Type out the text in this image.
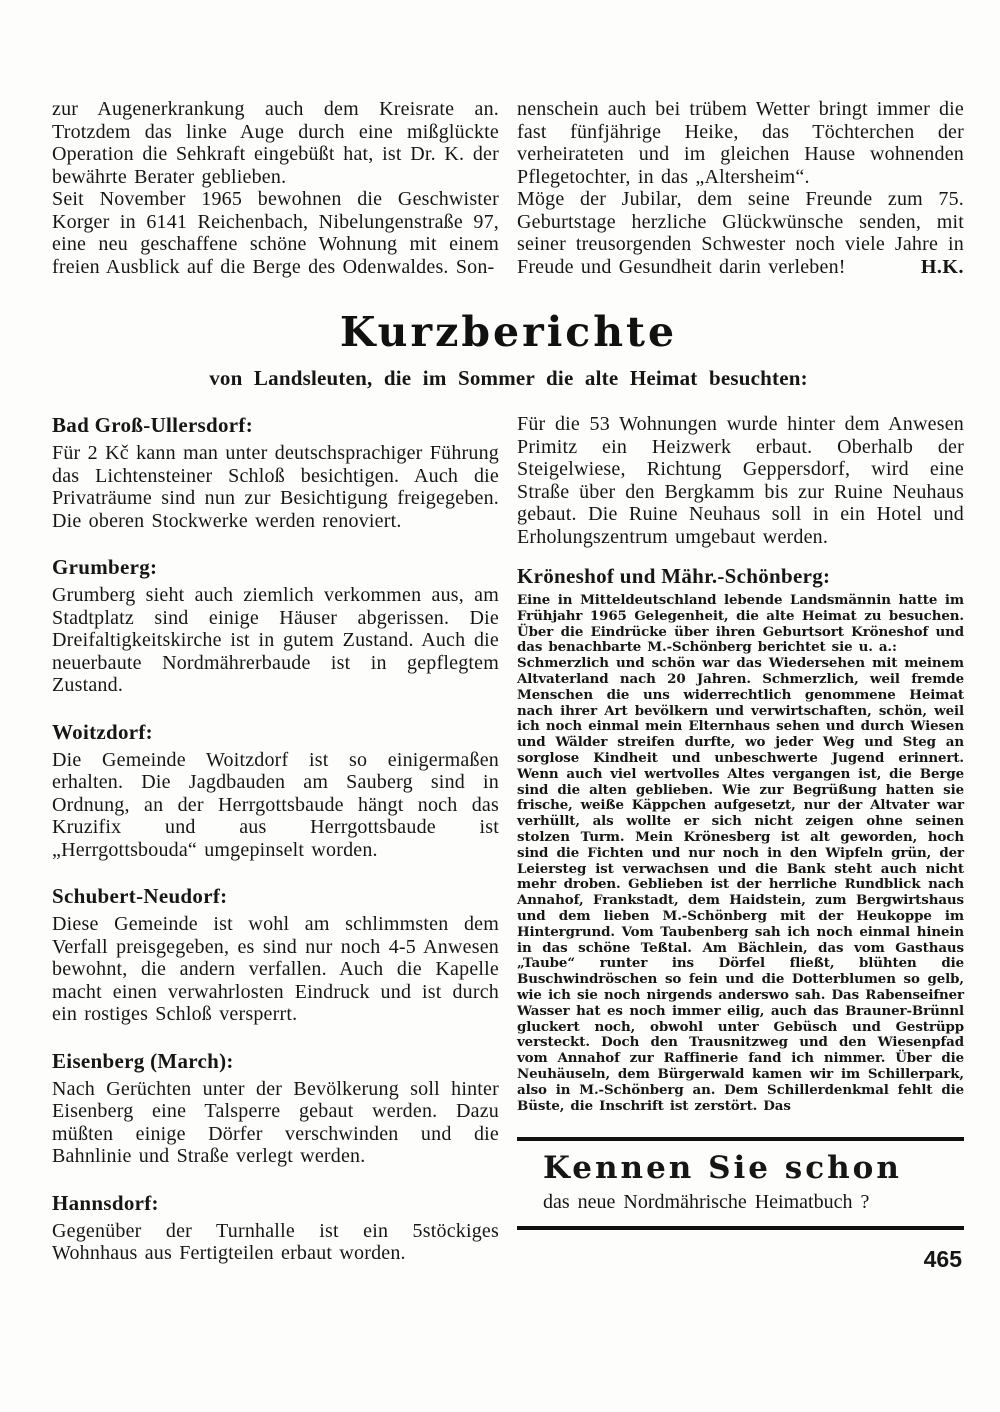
zur Augenerkrankung auch dem Kreisrate an. Trotzdem das linke Auge durch eine mißglückte Operation die Sehkraft eingebüßt hat, ist Dr. K. der bewährte Berater geblieben.

Seit November 1965 bewohnen die Geschwister Korger in 6141 Reichenbach, Nibelungenstraße 97, eine neu geschaffene schöne Wohnung mit einem freien Ausblick auf die Berge des Odenwaldes. Son-

nenschein auch bei trübem Wetter bringt immer die fast fünfjährige Heike, das Töchterchen der verheirateten und im gleichen Hause wohnenden Pflegetochter, in das „Altersheim“.

Möge der Jubilar, dem seine Freunde zum 75. Geburtstage herzliche Glückwünsche senden, mit seiner treusorgenden Schwester noch viele Jahre in Freude und Gesundheit darin verleben!	H.K.

Kurzberichte

von Landsleuten, die im Sommer die alte Heimat besuchten:

Bad Groß-Ullersdorf:

Für 2 Kč kann man unter deutschsprachiger Führung das Lichtensteiner Schloß besichtigen. Auch die Privaträume sind nun zur Besichtigung freigegeben. Die oberen Stockwerke werden renoviert.

Grumberg:

Grumberg sieht auch ziemlich verkommen aus, am Stadtplatz sind einige Häuser abgerissen. Die Dreifaltigkeitskirche ist in gutem Zustand. Auch die neuerbaute Nordmährerbaude ist in gepflegtem Zustand.

Woitzdorf:

Die Gemeinde Woitzdorf ist so einigermaßen erhalten. Die Jagdbauden am Sauberg sind in Ordnung, an der Herrgottsbaude hängt noch das Kruzifix und aus Herrgottsbaude ist „Herrgottsbouda“ umgepinselt worden.

Schubert-Neudorf:

Diese Gemeinde ist wohl am schlimmsten dem Verfall preisgegeben, es sind nur noch 4-5 Anwesen bewohnt, die andern verfallen. Auch die Kapelle macht einen verwahrlosten Eindruck und ist durch ein rostiges Schloß versperrt.

Eisenberg (March):

Nach Gerüchten unter der Bevölkerung soll hinter Eisenberg eine Talsperre gebaut werden. Dazu müßten einige Dörfer verschwinden und die Bahnlinie und Straße verlegt werden.

Hannsdorf:

Gegenüber der Turnhalle ist ein 5stöckiges Wohnhaus aus Fertigteilen erbaut worden.

Für die 53 Wohnungen wurde hinter dem Anwesen Primitz ein Heizwerk erbaut. Oberhalb der Steigelwiese, Richtung Geppersdorf, wird eine Straße über den Bergkamm bis zur Ruine Neuhaus gebaut. Die Ruine Neuhaus soll in ein Hotel und Erholungszentrum umgebaut werden.

Kröneshof und Mähr.-Schönberg:

Eine in Mitteldeutschland lebende Landsmännin hatte im Frühjahr 1965 Gelegenheit, die alte Heimat zu besuchen. Über die Eindrücke über ihren Geburtsort Kröneshof und das benachbarte M.-Schönberg berichtet sie u. a.:

Schmerzlich und schön war das Wiedersehen mit meinem Altvaterland nach 20 Jahren. Schmerzlich, weil fremde Menschen die uns widerrechtlich genommene Heimat nach ihrer Art bevölkern und verwirtschaften, schön, weil ich noch einmal mein Elternhaus sehen und durch Wiesen und Wälder streifen durfte, wo jeder Weg und Steg an sorglose Kindheit und unbeschwerte Jugend erinnert. Wenn auch viel wertvolles Altes vergangen ist, die Berge sind die alten geblieben. Wie zur Begrüßung hatten sie frische, weiße Käppchen aufgesetzt, nur der Altvater war verhüllt, als wollte er sich nicht zeigen ohne seinen stolzen Turm. Mein Krönesberg ist alt geworden, hoch sind die Fichten und nur noch in den Wipfeln grün, der Leiersteg ist verwachsen und die Bank steht auch nicht mehr droben. Geblieben ist der herrliche Rundblick nach Annahof, Frankstadt, dem Haidstein, zum Bergwirtshaus und dem lieben M.-Schönberg mit der Heukoppe im Hintergrund. Vom Taubenberg sah ich noch einmal hinein in das schöne Teßtal. Am Bächlein, das vom Gasthaus „Taube“ runter ins Dörfel fließt, blühten die Buschwindröschen so fein und die Dotterblumen so gelb, wie ich sie noch nirgends anderswo sah. Das Rabenseifner Wasser hat es noch immer eilig, auch das Brauner-Brünnl gluckert noch, obwohl unter Gebüsch und Gestrüpp versteckt. Doch den Trausnitzweg und den Wiesenpfad vom Annahof zur Raffinerie fand ich nimmer. Über die Neuhäuseln, dem Bürgerwald kamen wir im Schillerpark, also in M.-Schönberg an. Dem Schillerdenkmal fehlt die Büste, die Inschrift ist zerstört. Das

Kennen Sie schon

das neue Nordmährische Heimatbuch ?

465
